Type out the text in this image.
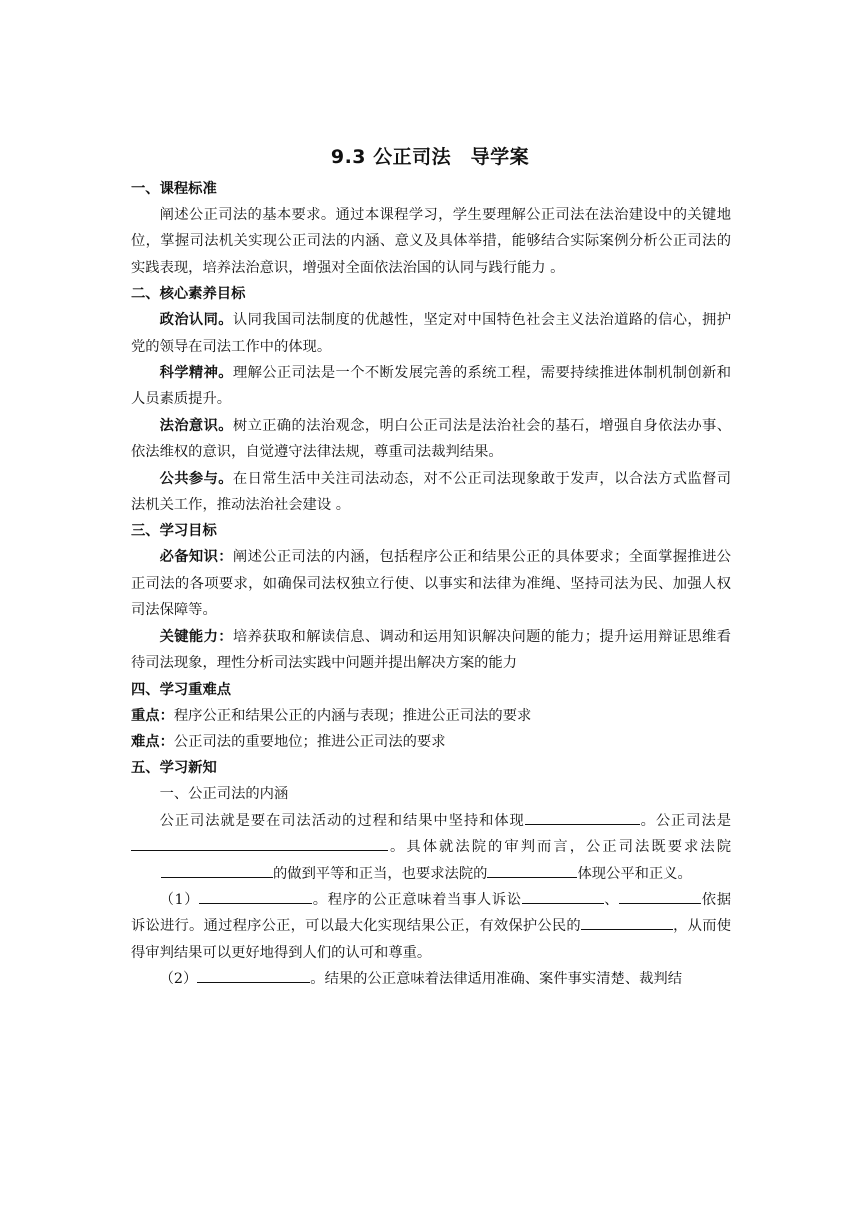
9.3 公正司法　导学案
一、课程标准
阐述公正司法的基本要求。通过本课程学习，学生要理解公正司法在法治建设中的关键地位，掌握司法机关实现公正司法的内涵、意义及具体举措，能够结合实际案例分析公正司法的实践表现，培养法治意识，增强对全面依法治国的认同与践行能力 。
二、核心素养目标
政治认同。认同我国司法制度的优越性，坚定对中国特色社会主义法治道路的信心，拥护党的领导在司法工作中的体现。
科学精神。理解公正司法是一个不断发展完善的系统工程，需要持续推进体制机制创新和人员素质提升。
法治意识。树立正确的法治观念，明白公正司法是法治社会的基石，增强自身依法办事、依法维权的意识，自觉遵守法律法规，尊重司法裁判结果。
公共参与。在日常生活中关注司法动态，对不公正司法现象敢于发声，以合法方式监督司法机关工作，推动法治社会建设 。
三、学习目标
必备知识：阐述公正司法的内涵，包括程序公正和结果公正的具体要求；全面掌握推进公正司法的各项要求，如确保司法权独立行使、以事实和法律为准绳、坚持司法为民、加强人权司法保障等。
关键能力：培养获取和解读信息、调动和运用知识解决问题的能力；提升运用辩证思维看待司法现象，理性分析司法实践中问题并提出解决方案的能力
四、学习重难点
重点：程序公正和结果公正的内涵与表现；推进公正司法的要求
难点：公正司法的重要地位；推进公正司法的要求
五、学习新知
一、公正司法的内涵
公正司法就是要在司法活动的过程和结果中坚持和体现	。公正司法是。具体就法院的审判而言，公正司法既要求法院的做到平等和正当，也要求法院的	体现公平和正义。
（1）	。程序的公正意味着当事人诉讼	、	依据诉讼进行。通过程序公正，可以最大化实现结果公正，有效保护公民的	，从而使得审判结果可以更好地得到人们的认可和尊重。
（2）	。结果的公正意味着法律适用准确、案件事实清楚、裁判结
